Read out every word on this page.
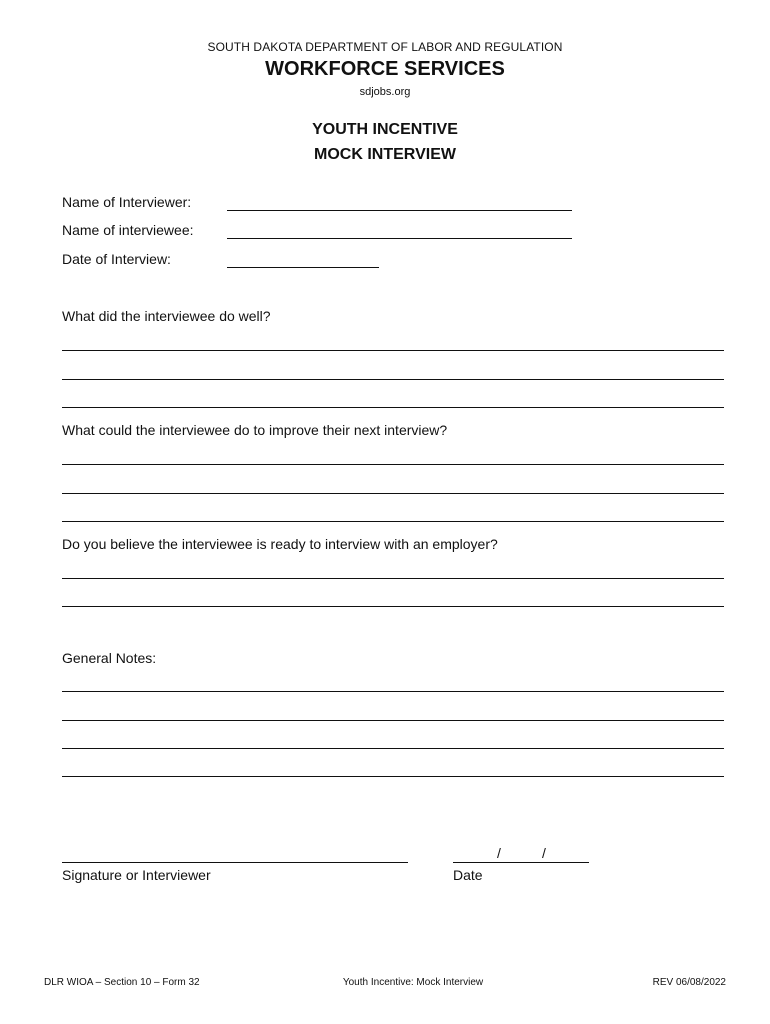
SOUTH DAKOTA DEPARTMENT OF LABOR AND REGULATION
WORKFORCE SERVICES
sdjobs.org
YOUTH INCENTIVE
MOCK INTERVIEW
Name of Interviewer:
Name of interviewee:
Date of Interview:
What did the interviewee do well?
What could the interviewee do to improve their next interview?
Do you believe the interviewee is ready to interview with an employer?
General Notes:
Signature or Interviewer
/	/
Date
DLR WIOA – Section 10 – Form 32	Youth Incentive: Mock Interview	REV 06/08/2022
